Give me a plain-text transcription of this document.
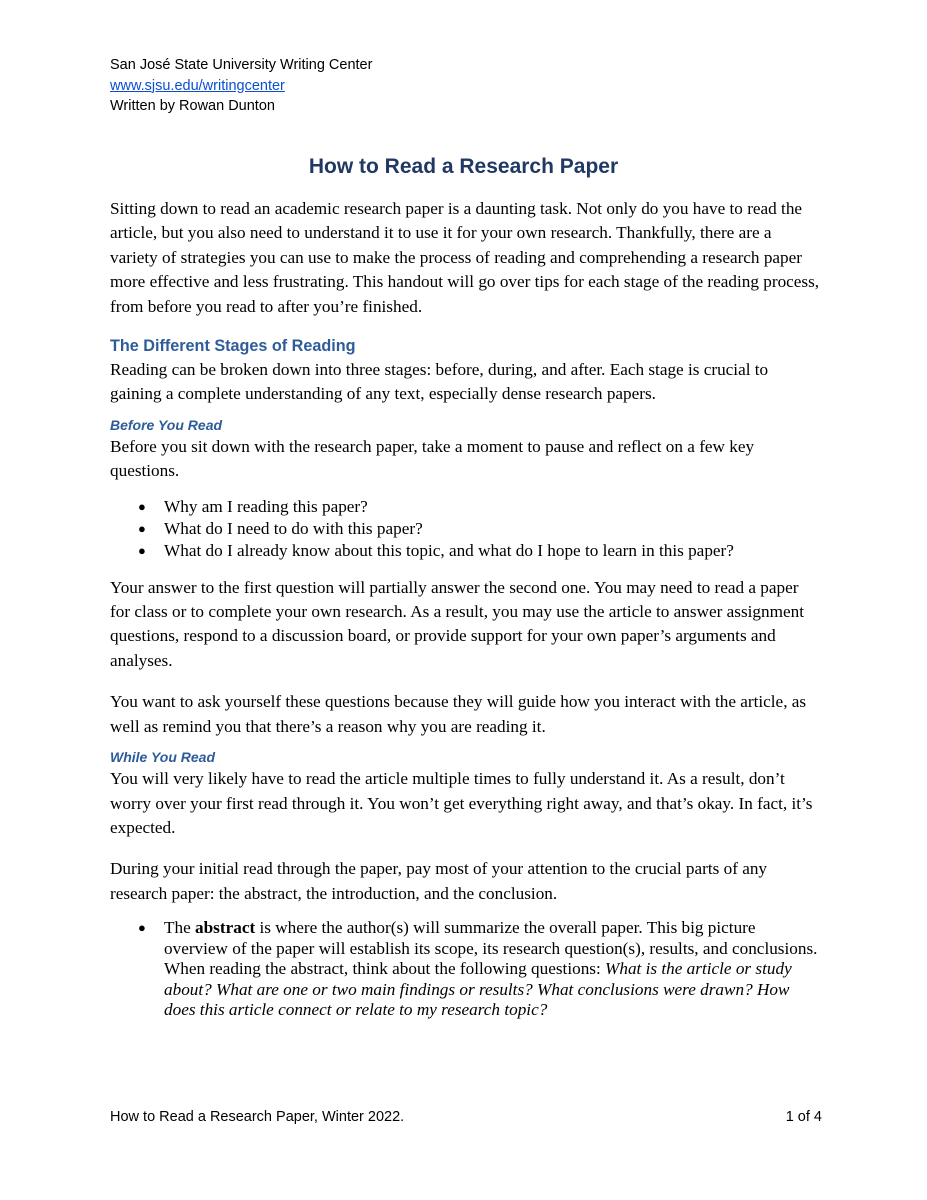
San José State University Writing Center
www.sjsu.edu/writingcenter
Written by Rowan Dunton
How to Read a Research Paper

Sitting down to read an academic research paper is a daunting task. Not only do you have to read the article, but you also need to understand it to use it for your own research. Thankfully, there are a variety of strategies you can use to make the process of reading and comprehending a research paper more effective and less frustrating. This handout will go over tips for each stage of the reading process, from before you read to after you’re finished.

The Different Stages of Reading

Reading can be broken down into three stages: before, during, and after. Each stage is crucial to gaining a complete understanding of any text, especially dense research papers.

Before You Read

Before you sit down with the research paper, take a moment to pause and reflect on a few key questions.

● Why am I reading this paper?
● What do I need to do with this paper?
● What do I already know about this topic, and what do I hope to learn in this paper?

Your answer to the first question will partially answer the second one. You may need to read a paper for class or to complete your own research. As a result, you may use the article to answer assignment questions, respond to a discussion board, or provide support for your own paper’s arguments and analyses.

You want to ask yourself these questions because they will guide how you interact with the article, as well as remind you that there’s a reason why you are reading it.

While You Read

You will very likely have to read the article multiple times to fully understand it. As a result, don’t worry over your first read through it. You won’t get everything right away, and that’s okay. In fact, it’s expected.

During your initial read through the paper, pay most of your attention to the crucial parts of any research paper: the abstract, the introduction, and the conclusion.

● The abstract is where the author(s) will summarize the overall paper. This big picture overview of the paper will establish its scope, its research question(s), results, and conclusions. When reading the abstract, think about the following questions: What is the article or study about? What are one or two main findings or results? What conclusions were drawn? How does this article connect or relate to my research topic?
How to Read a Research Paper, Winter 2022.	1 of 4
